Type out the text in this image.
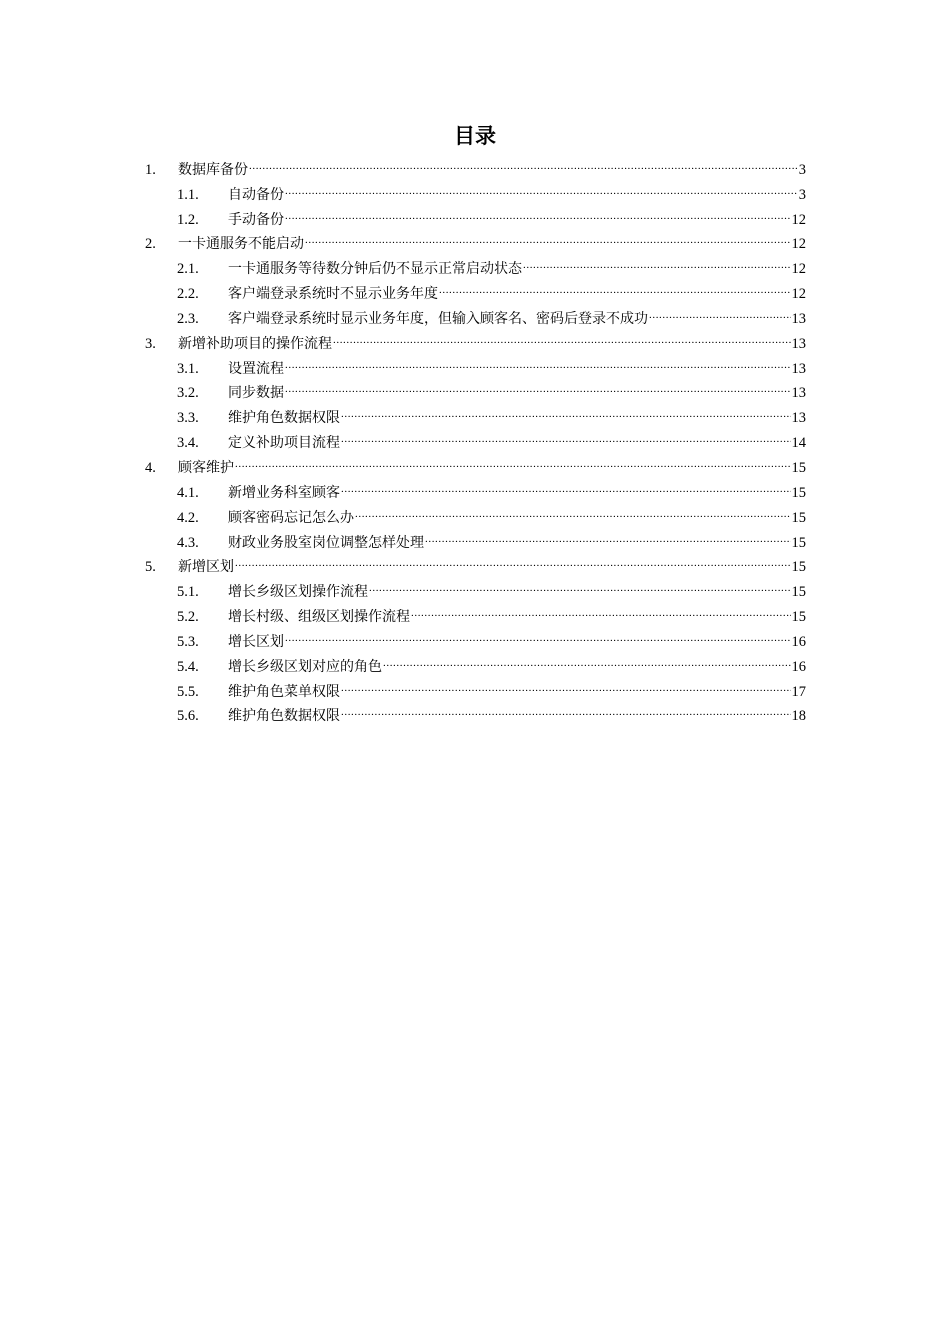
目录
1.	数据库备份 .....	3
1.1.	自动备份 .....	3
1.2.	手动备份 .....	12
2.	一卡通服务不能启动 .....	12
2.1.	一卡通服务等待数分钟后仍不显示正常启动状态 .....	12
2.2.	客户端登录系统时不显示业务年度 .....	12
2.3.	客户端登录系统时显示业务年度，但输入顾客名、密码后登录不成功 .....	13
3.	新增补助项目的操作流程 .....	13
3.1.	设置流程 .....	13
3.2.	同步数据 .....	13
3.3.	维护角色数据权限 .....	13
3.4.	定义补助项目流程 .....	14
4.	顾客维护 .....	15
4.1.	新增业务科室顾客 .....	15
4.2.	顾客密码忘记怎么办 .....	15
4.3.	财政业务股室岗位调整怎样处理 .....	15
5.	新增区划 .....	15
5.1.	增长乡级区划操作流程 .....	15
5.2.	增长村级、组级区划操作流程 .....	15
5.3.	增长区划 .....	16
5.4.	增长乡级区划对应的角色 .....	16
5.5.	维护角色菜单权限 .....	17
5.6.	维护角色数据权限 .....	18
